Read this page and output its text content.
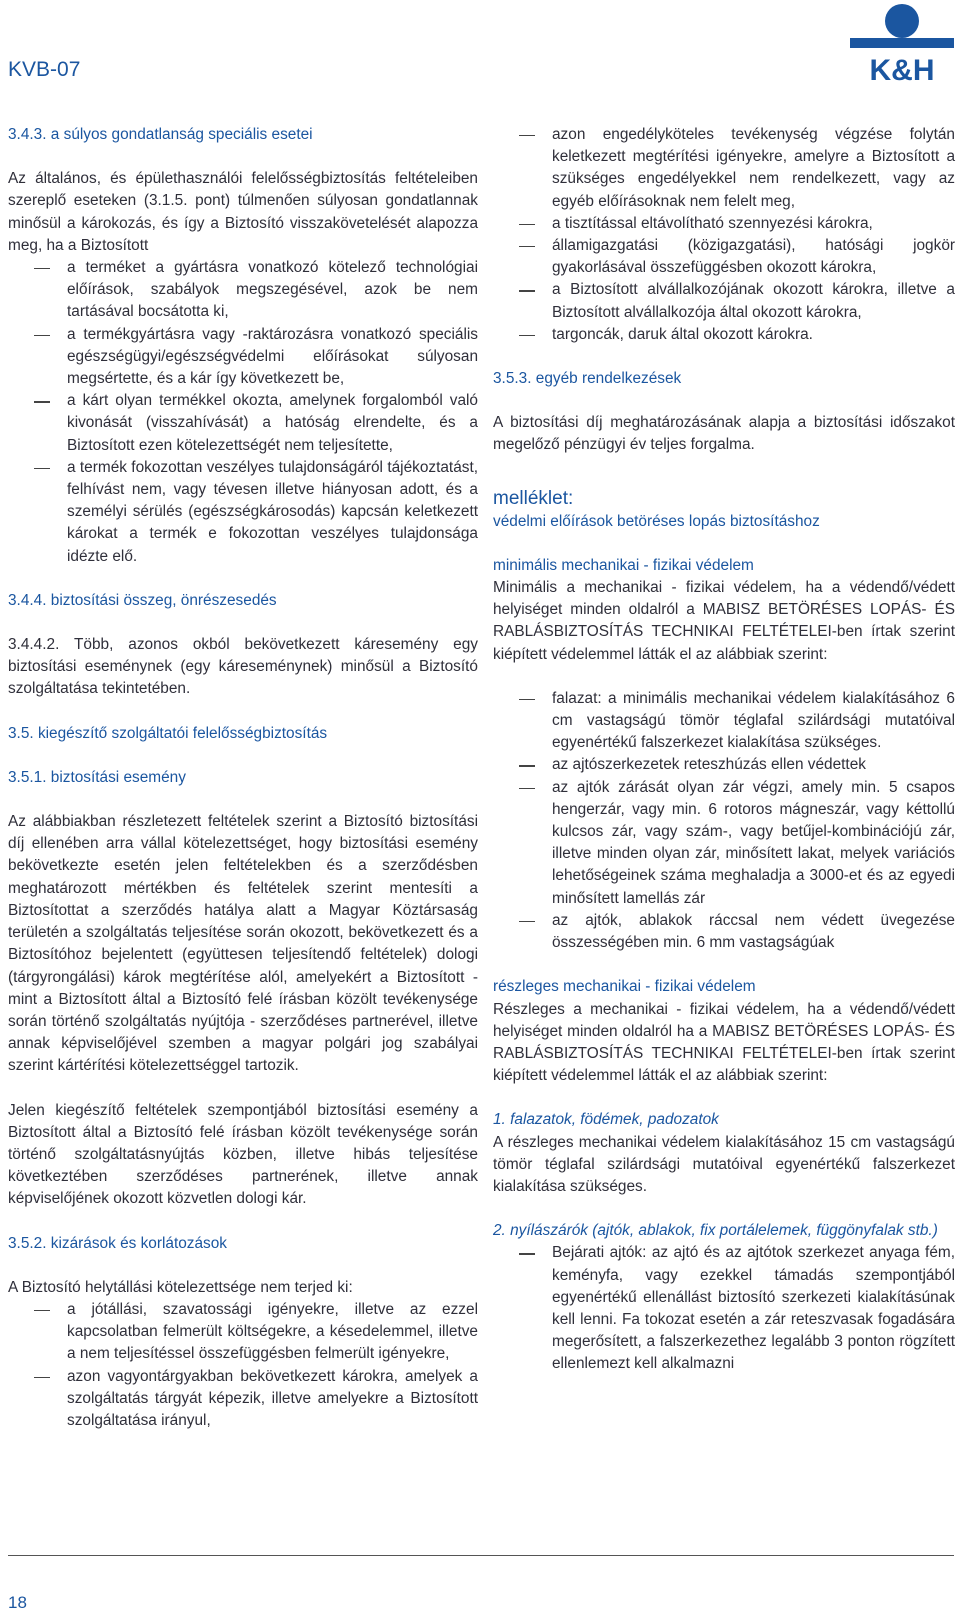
KVB-07	K&H

3.4.3. a súlyos gondatlanság speciális esetei

Az általános, és épülethasználói felelősségbiztosítás feltételeiben szereplő eseteken (3.1.5. pont) túlmenően súlyosan gondatlannak minősül a károkozás, és így a Biztosító visszakövetelését alapozza meg, ha a Biztosított

a terméket a gyártásra vonatkozó kötelező technológiai előírások, szabályok megszegésével, azok be nem tartásával bocsátotta ki,
a termékgyártásra vagy -raktározásra vonatkozó speciális egészségügyi/egészségvédelmi előírásokat súlyosan megsértette, és a kár így következett be,
a kárt olyan termékkel okozta, amelynek forgalomból való kivonását (visszahívását) a hatóság elrendelte, és a Biztosított ezen kötelezettségét nem teljesítette,
a termék fokozottan veszélyes tulajdonságáról tájékoztatást, felhívást nem, vagy tévesen illetve hiányosan adott, és a személyi sérülés (egészségkárosodás) kapcsán keletkezett károkat a termék e fokozottan veszélyes tulajdonsága idézte elő.

3.4.4. biztosítási összeg, önrészesedés

3.4.4.2. Több, azonos okból bekövetkezett káresemény egy biztosítási eseménynek (egy káreseménynek) minősül a Biztosító szolgáltatása tekintetében.

3.5. kiegészítő szolgáltatói felelősségbiztosítás

3.5.1. biztosítási esemény

Az alábbiakban részletezett feltételek szerint a Biztosító biztosítási díj ellenében arra vállal kötelezettséget, hogy biztosítási esemény bekövetkezte esetén jelen feltételekben és a szerződésben meghatározott mértékben és feltételek szerint mentesíti a Biztosítottat a szerződés hatálya alatt a Magyar Köztársaság területén a szolgáltatás teljesítése során okozott, bekövetkezett és a Biztosítóhoz bejelentett (együttesen teljesítendő feltételek) dologi (tárgyrongálási) károk megtérítése alól, amelyekért a Biztosított - mint a Biztosított által a Biztosító felé írásban közölt tevékenysége során történő szolgáltatás nyújtója - szerződéses partnerével, illetve annak képviselőjével szemben a magyar polgári jog szabályai szerint kártérítési kötelezettséggel tartozik.

Jelen kiegészítő feltételek szempontjából biztosítási esemény a Biztosított által a Biztosító felé írásban közölt tevékenysége során történő szolgáltatásnyújtás közben, illetve hibás teljesítése következtében szerződéses partnerének, illetve annak képviselőjének okozott közvetlen dologi kár.

3.5.2. kizárások és korlátozások

A Biztosító helytállási kötelezettsége nem terjed ki:

a jótállási, szavatossági igényekre, illetve az ezzel kapcsolatban felmerült költségekre, a késedelemmel, illetve a nem teljesítéssel összefüggésben felmerült igényekre,
azon vagyontárgyakban bekövetkezett károkra, amelyek a szolgáltatás tárgyát képezik, illetve amelyekre a Biztosított szolgáltatása irányul,
azon engedélyköteles tevékenység végzése folytán keletkezett megtérítési igényekre, amelyre a Biztosított a szükséges engedélyekkel nem rendelkezett, vagy az egyéb előírásoknak nem felelt meg,
a tisztítással eltávolítható szennyezési károkra,
államigazgatási (közigazgatási), hatósági jogkör gyakorlásával összefüggésben okozott károkra,
a Biztosított alvállalkozójának okozott károkra, illetve a Biztosított alvállalkozója által okozott károkra,
targoncák, daruk által okozott károkra.

3.5.3. egyéb rendelkezések

A biztosítási díj meghatározásának alapja a biztosítási időszakot megelőző pénzügyi év teljes forgalma.

melléklet:

védelmi előírások betöréses lopás biztosításhoz

minimális mechanikai - fizikai védelem

Minimális a mechanikai - fizikai védelem, ha a védendő/védett helyiséget minden oldalról a MABISZ BETÖRÉSES LOPÁS- ÉS RABLÁSBIZTOSÍTÁS TECHNIKAI FELTÉTELEI-ben írtak szerint kiépített védelemmel látták el az alábbiak szerint:

falazat: a minimális mechanikai védelem kialakításához 6 cm vastagságú tömör téglafal szilárdsági mutatóival egyenértékű falszerkezet kialakítása szükséges.
az ajtószerkezetek reteszhúzás ellen védettek
az ajtók zárását olyan zár végzi, amely min. 5 csapos hengerzár, vagy min. 6 rotoros mágneszár, vagy kéttollú kulcsos zár, vagy szám-, vagy betűjel-kombinációjú zár, illetve minden olyan zár, minősített lakat, melyek variációs lehetőségeinek száma meghaladja a 3000-et és az egyedi minősített lamellás zár
az ajtók, ablakok ráccsal nem védett üvegezése összességében min. 6 mm vastagságúak

részleges mechanikai - fizikai védelem

Részleges a mechanikai - fizikai védelem, ha a védendő/védett helyiséget minden oldalról ha a MABISZ BETÖRÉSES LOPÁS- ÉS RABLÁSBIZTOSÍTÁS TECHNIKAI FELTÉTELEI-ben írtak szerint kiépített védelemmel látták el az alábbiak szerint:

1. falazatok, födémek, padozatok

A részleges mechanikai védelem kialakításához 15 cm vastagságú tömör téglafal szilárdsági mutatóival egyenértékű falszerkezet kialakítása szükséges.

2. nyílászárók (ajtók, ablakok, fix portálelemek, függönyfalak stb.)

Bejárati ajtók: az ajtó és az ajtótok szerkezet anyaga fém, keményfa, vagy ezekkel támadás szempontjából egyenértékű ellenállást biztosító szerkezeti kialakításúnak kell lenni. Fa tokozat esetén a zár reteszvasak fogadására megerősített, a falszerkezethez legalább 3 ponton rögzített ellenlemezt kell alkalmazni
18
